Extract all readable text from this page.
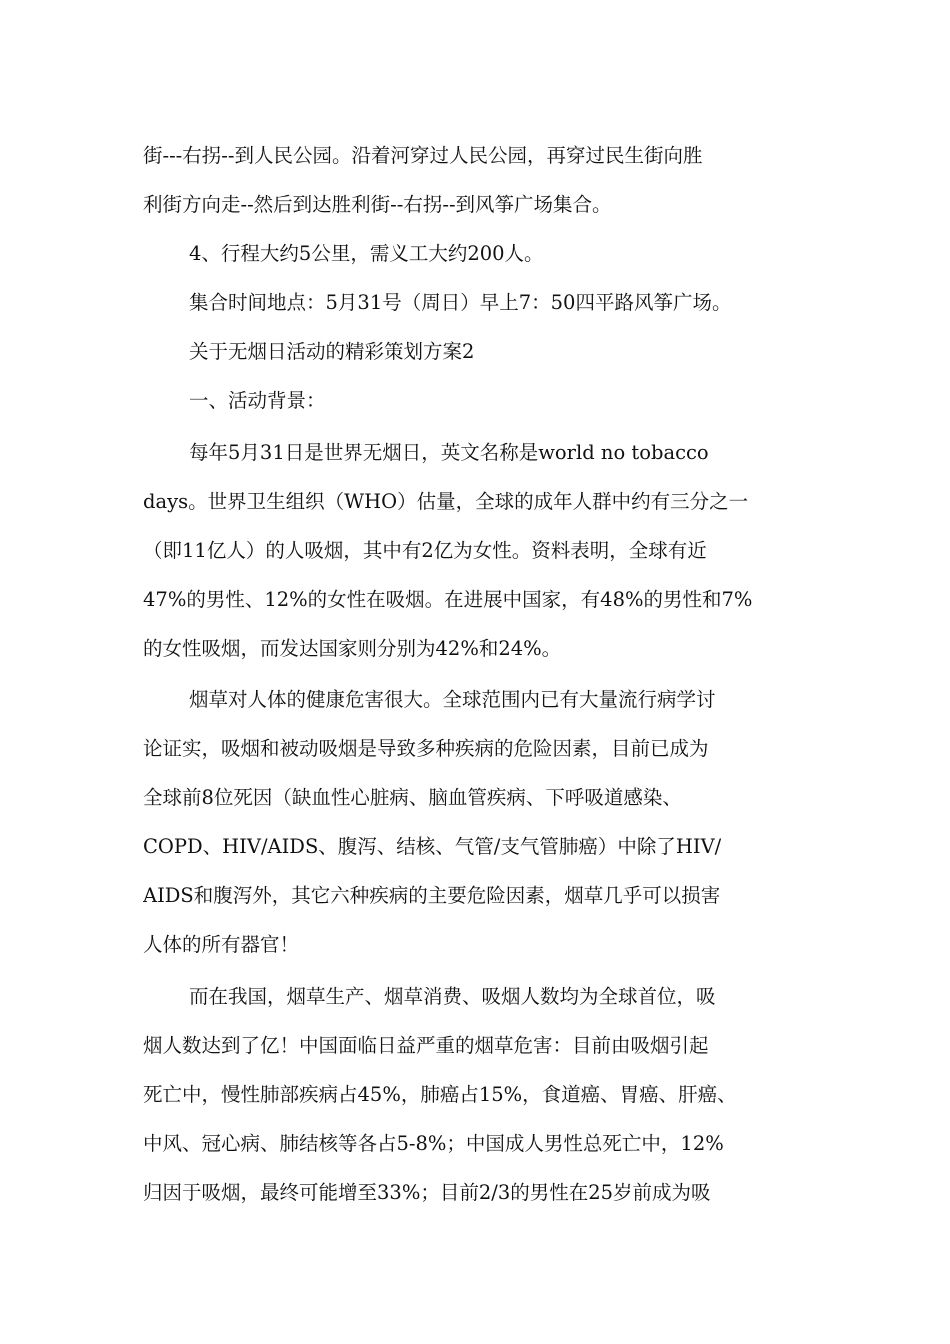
街---右拐--到人民公园。沿着河穿过人民公园，再穿过民生街向胜
利街方向走--然后到达胜利街--右拐--到风筝广场集合。
4、行程大约5公里，需义工大约200人。
集合时间地点：5月31号（周日）早上7：50四平路风筝广场。
关于无烟日活动的精彩策划方案2
一、活动背景：
每年5月31日是世界无烟日，英文名称是world no tobacco
days。世界卫生组织（WHO）估量，全球的成年人群中约有三分之一
（即11亿人）的人吸烟，其中有2亿为女性。资料表明，全球有近
47%的男性、12%的女性在吸烟。在进展中国家，有48%的男性和7%
的女性吸烟，而发达国家则分别为42%和24%。
烟草对人体的健康危害很大。全球范围内已有大量流行病学讨
论证实，吸烟和被动吸烟是导致多种疾病的危险因素，目前已成为
全球前8位死因（缺血性心脏病、脑血管疾病、下呼吸道感染、
COPD、HIV/AIDS、腹泻、结核、气管/支气管肺癌）中除了HIV/
AIDS和腹泻外，其它六种疾病的主要危险因素，烟草几乎可以损害
人体的所有器官！
而在我国，烟草生产、烟草消费、吸烟人数均为全球首位，吸
烟人数达到了亿！中国面临日益严重的烟草危害：目前由吸烟引起
死亡中，慢性肺部疾病占45%，肺癌占15%，食道癌、胃癌、肝癌、
中风、冠心病、肺结核等各占5-8%；中国成人男性总死亡中，12%
归因于吸烟，最终可能增至33%；目前2/3的男性在25岁前成为吸
